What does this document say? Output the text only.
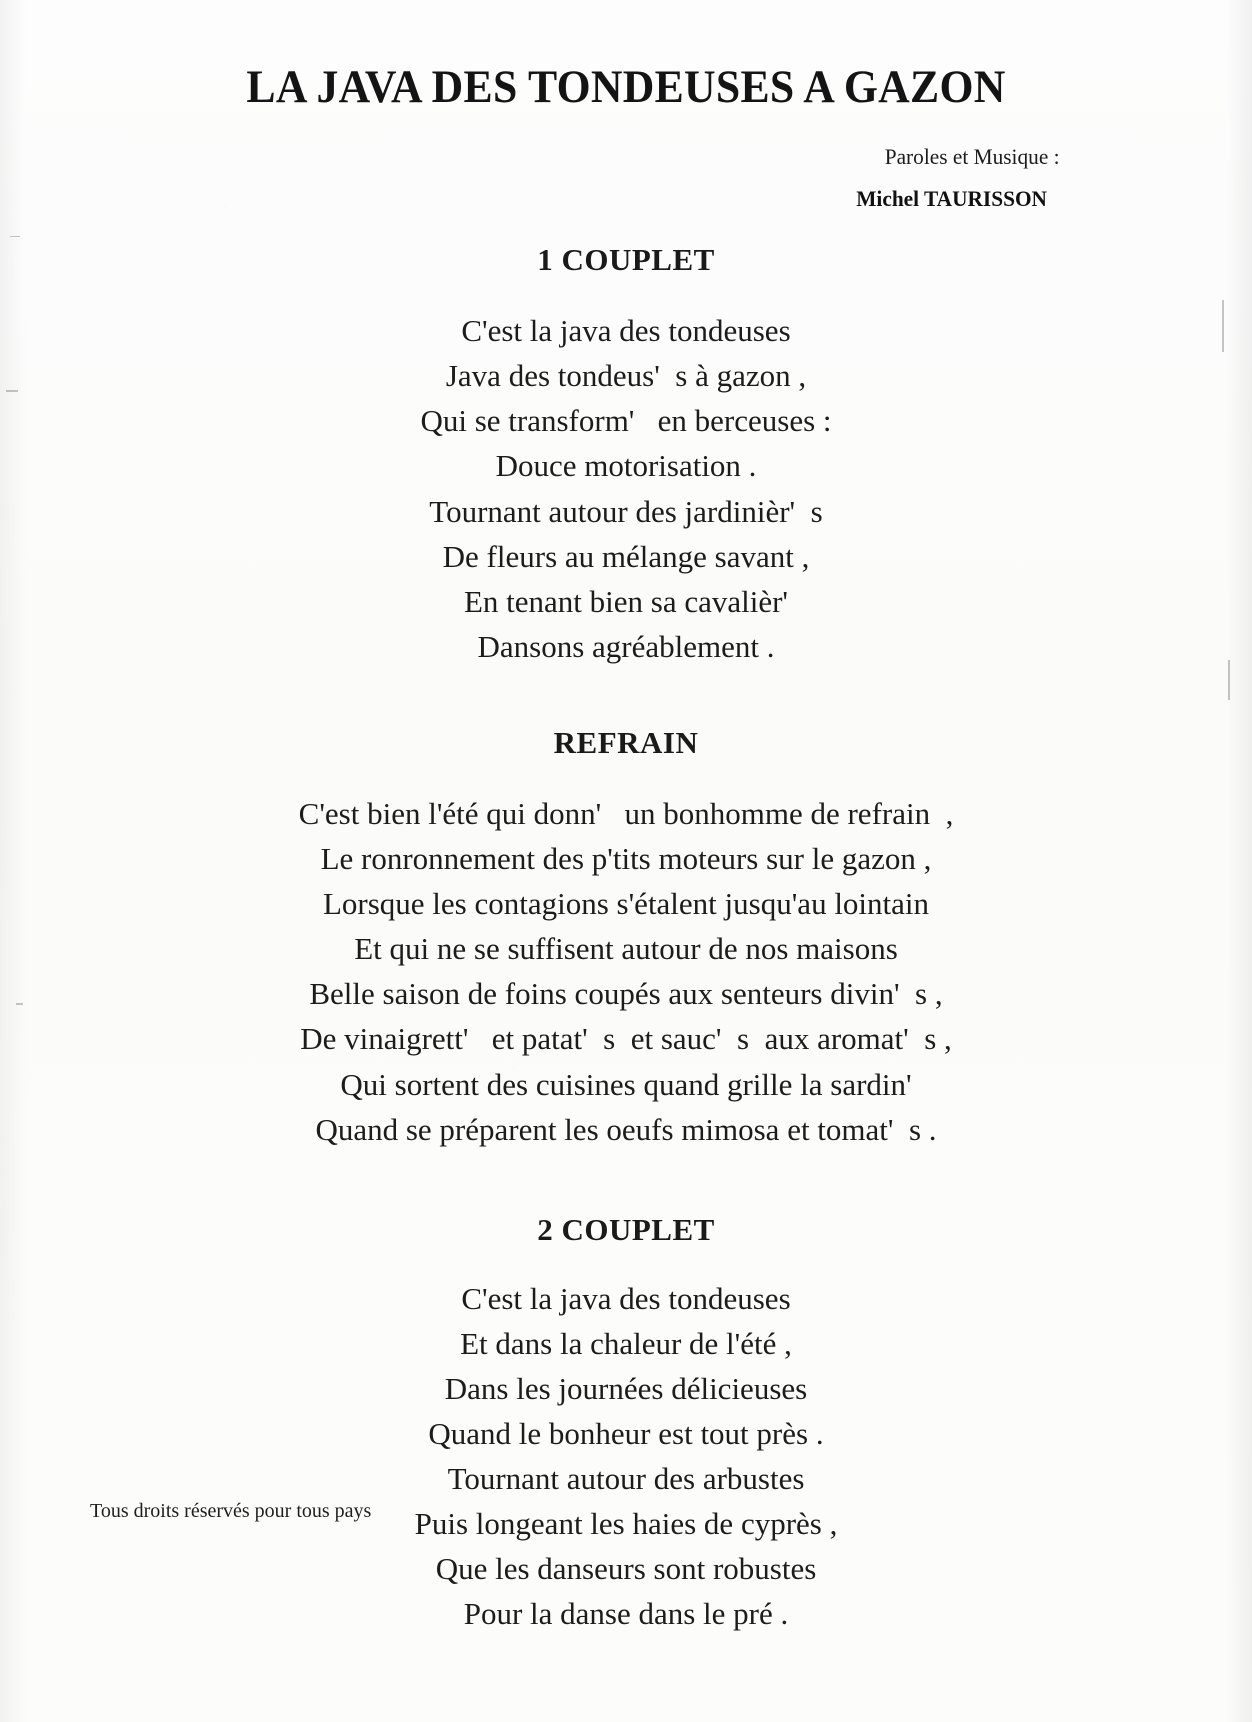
LA JAVA DES TONDEUSES A GAZON
Paroles et Musique :
Michel TAURISSON
1 COUPLET
C'est la java des tondeuses
Java des tondeus'  s à gazon ,
Qui se transform'   en berceuses :
Douce motorisation .
Tournant autour des jardinièr'  s
De fleurs au mélange savant ,
En tenant bien sa cavalièr'
Dansons agréablement .
REFRAIN
C'est bien l'été qui donn'   un bonhomme de refrain  ,
Le ronronnement des p'tits moteurs sur le gazon ,
Lorsque les contagions s'étalent jusqu'au lointain
Et qui ne se suffisent autour de nos maisons
Belle saison de foins coupés aux senteurs divin'  s ,
De vinaigrett'   et patat'  s  et sauc'  s  aux aromat'  s ,
Qui sortent des cuisines quand grille la sardin'
Quand se préparent les oeufs mimosa et tomat'  s .
2 COUPLET
C'est la java des tondeuses
Et dans la chaleur de l'été ,
Dans les journées délicieuses
Quand le bonheur est tout près .
Tournant autour des arbustes
Puis longeant les haies de cyprès ,
Que les danseurs sont robustes
Pour la danse dans le pré .
Tous droits réservés pour tous pays
